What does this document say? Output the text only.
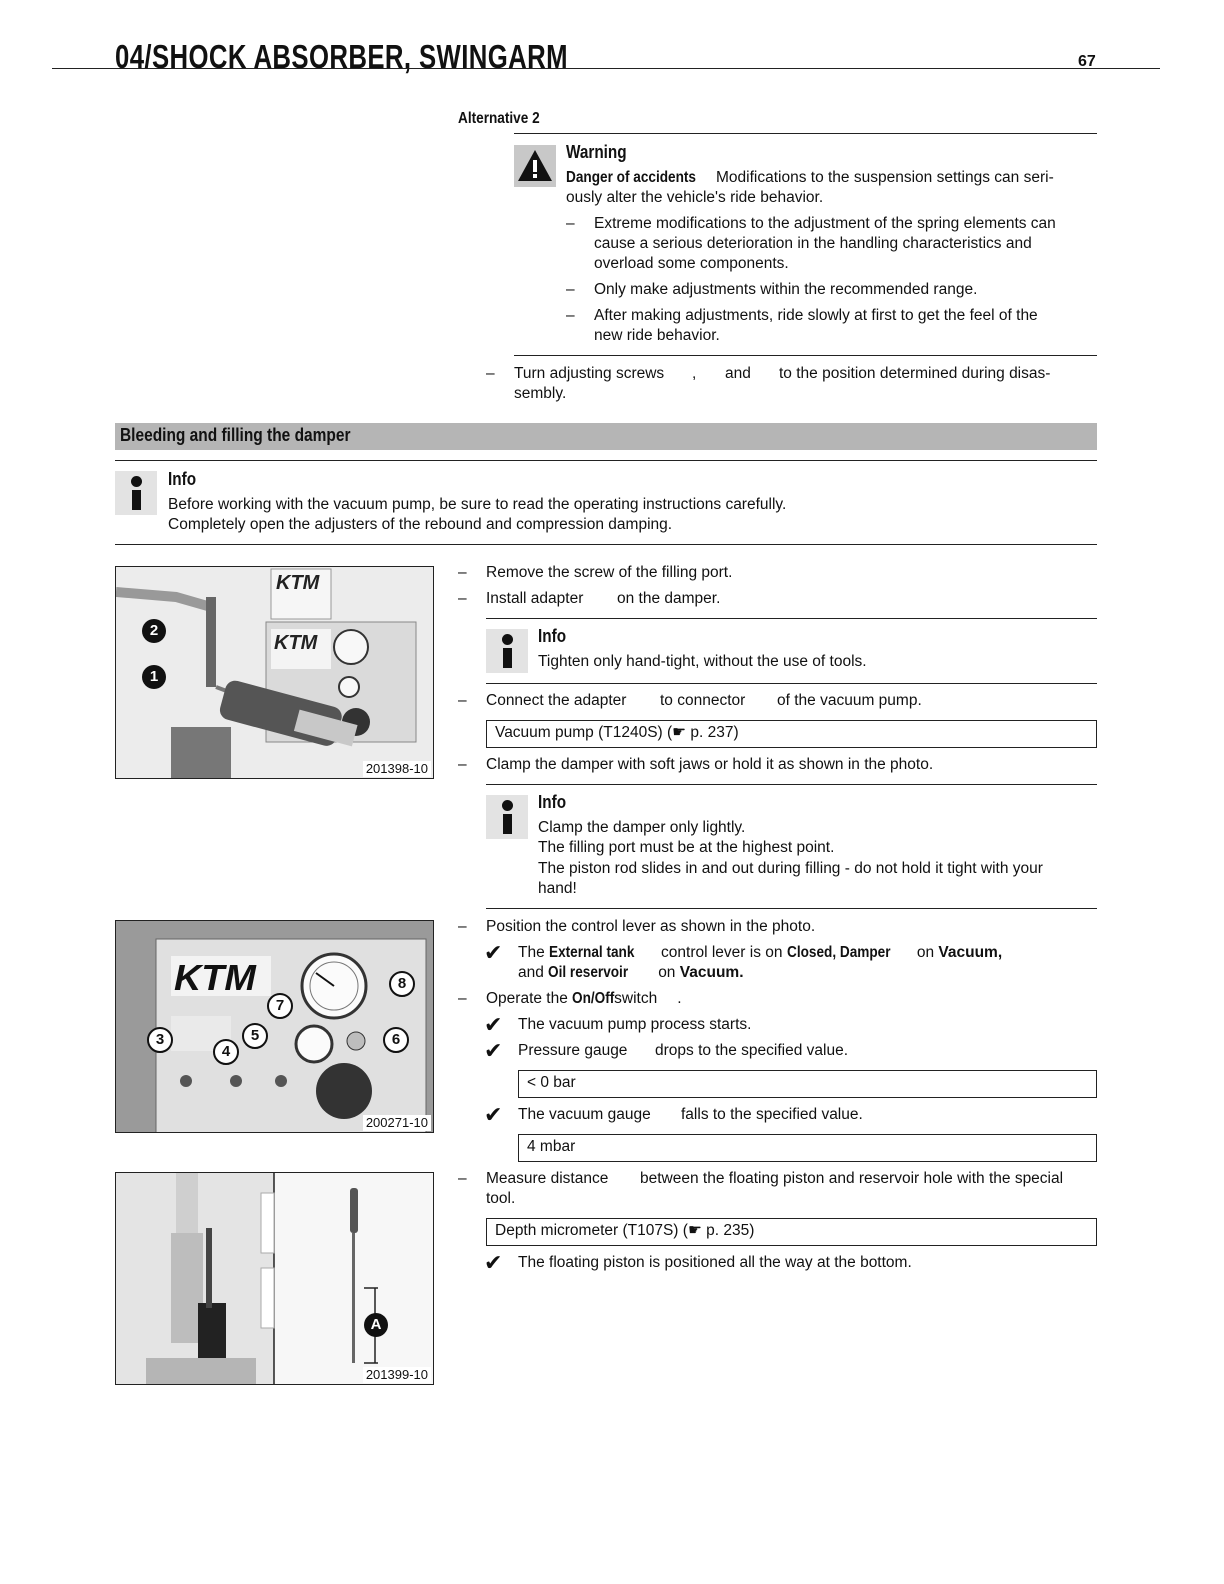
04/SHOCK ABSORBER, SWINGARM	67
Alternative 2
Warning
Danger of accidents Modifications to the suspension settings can seri-
ously alter the vehicle's ride behavior.
– Extreme modifications to the adjustment of the spring elements can
cause a serious deterioration in the handling characteristics and
overload some components.
– Only make adjustments within the recommended range.
– After making adjustments, ride slowly at first to get the feel of the
new ride behavior.
– Turn adjusting screws , and to the position determined during disas-
sembly.
Bleeding and filling the damper
Info
Before working with the vacuum pump, be sure to read the operating instructions carefully.
Completely open the adjusters of the rebound and compression damping.
KTM
KTM
2
1
201398-10
– Remove the screw of the filling port.
– Install adapter on the damper.
Info
Tighten only hand-tight, without the use of tools.
– Connect the adapter to connector of the vacuum pump.
Vacuum pump (T1240S) (☛ p. 237)
– Clamp the damper with soft jaws or hold it as shown in the photo.
Info
Clamp the damper only lightly.
The filling port must be at the highest point.
The piston rod slides in and out during filling - do not hold it tight with your
hand!
KTM	8
7
3	5	6
4
200271-10
– Position the control lever as shown in the photo.
✔ The External tank control lever is on Closed, Damper on Vacuum,
and Oil reservoir on Vacuum.
– Operate the On/Offswitch .
✔ The vacuum pump process starts.
✔ Pressure gauge drops to the specified value.
< 0 bar
✔ The vacuum gauge falls to the specified value.
4 mbar
A
201399-10
– Measure distance between the floating piston and reservoir hole with the special
tool.
Depth micrometer (T107S) (☛ p. 235)
✔ The floating piston is positioned all the way at the bottom.
